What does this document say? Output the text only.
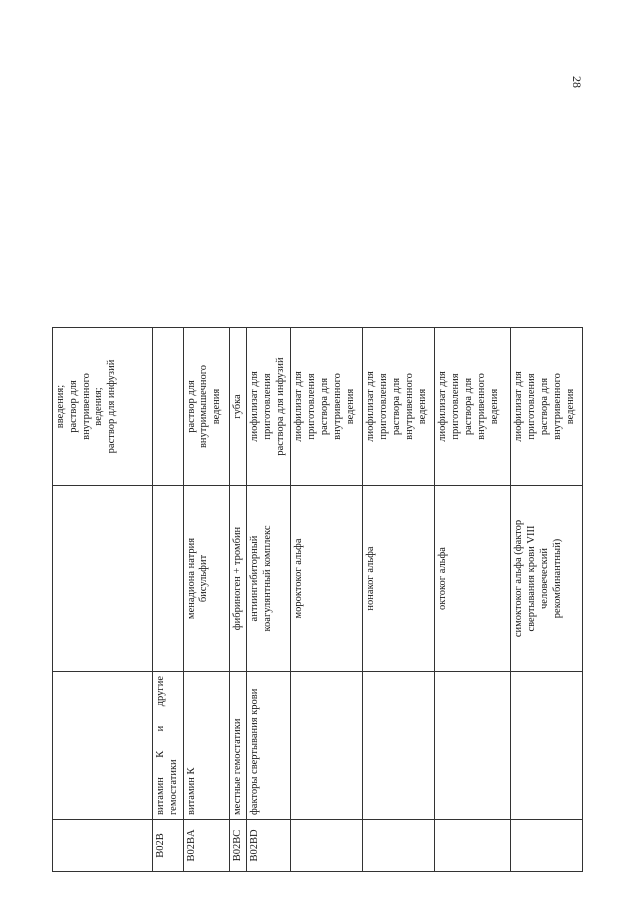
28

			введения;
раствор для
внутривенного
ведения;
раствор для инфузий

B02B	витамин К и другие гемостатики	

B02BA	витамин К	менадиона натрия
бисульфит	раствор для
внутримышечного
ведения

B02BC	местные гемостатики	фибриноген + тромбин	губка

B02BD	факторы свертывания крови	антиингибиторный
коагулянтный комплекс	лиофилизат для
приготовления
раствора для инфузий

		мороктоког альфа	лиофилизат для
приготовления
раствора для
внутривенного
ведения

		нонаког альфа	лиофилизат для
приготовления
раствора для
внутривенного
ведения

		октоког альфа	лиофилизат для
приготовления
раствора для
внутривенного
ведения

		симоктоког альфа (фактор
свертывания крови VIII
человеческий
рекомбинантный)	лиофилизат для
приготовления
раствора для
внутривенного
ведения
